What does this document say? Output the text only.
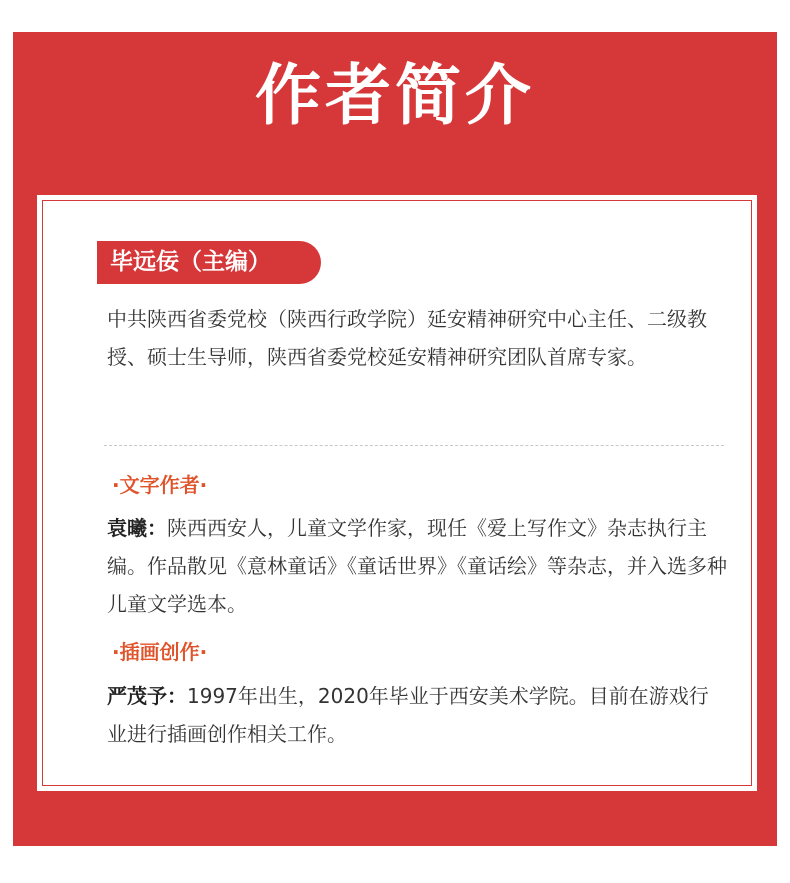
作者简介
毕远佞（主编）

中共陕西省委党校（陕西行政学院）延安精神研究中心主任、二级教授、硕士生导师，陕西省委党校延安精神研究团队首席专家。

·文字作者·

袁曦：陕西西安人，儿童文学作家，现任《爱上写作文》杂志执行主编。作品散见《意林童话》《童话世界》《童话绘》等杂志，并入选多种儿童文学选本。

·插画创作·

严茂予：1997年出生，2020年毕业于西安美术学院。目前在游戏行业进行插画创作相关工作。
